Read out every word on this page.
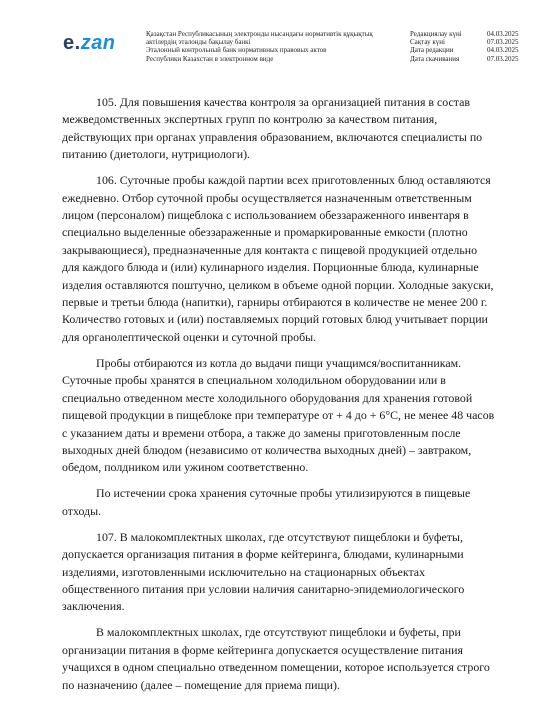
e.zan	Қазақстан Республикасының электронды нысандағы нормативтік құқықтық
актілердің эталонды бақылау банкі
Эталонный контрольный банк нормативных правовых актов
Республики Казахстан в электронном виде
Редакциялау күні	04.03.2025
Сақтау күні	07.03.2025
Дата редакции	04.03.2025
Дата скачивания	07.03.2025

105. Для повышения качества контроля за организацией питания в состав межведомственных экспертных групп по контролю за качеством питания, действующих при органах управления образованием, включаются специалисты по питанию (диетологи, нутрициологи).

106. Суточные пробы каждой партии всех приготовленных блюд оставляются ежедневно. Отбор суточной пробы осуществляется назначенным ответственным лицом (персоналом) пищеблока с использованием обеззараженного инвентаря в специально выделенные обеззараженные и промаркированные емкости (плотно закрывающиеся), предназначенные для контакта с пищевой продукцией отдельно для каждого блюда и (или) кулинарного изделия. Порционные блюда, кулинарные изделия оставляются поштучно, целиком в объеме одной порции. Холодные закуски, первые и третьи блюда (напитки), гарниры отбираются в количестве не менее 200 г. Количество готовых и (или) поставляемых порций готовых блюд учитывает порции для органолептической оценки и суточной пробы.

Пробы отбираются из котла до выдачи пищи учащимся/воспитанникам. Суточные пробы хранятся в специальном холодильном оборудовании или в специально отведенном месте холодильного оборудования для хранения готовой пищевой продукции в пищеблоке при температуре от + 4 до + 6°С, не менее 48 часов с указанием даты и времени отбора, а также до замены приготовленным после выходных дней блюдом (независимо от количества выходных дней) – завтраком, обедом, полдником или ужином соответственно.

По истечении срока хранения суточные пробы утилизируются в пищевые отходы.

107. В малокомплектных школах, где отсутствуют пищеблоки и буфеты, допускается организация питания в форме кейтеринга, блюдами, кулинарными изделиями, изготовленными исключительно на стационарных объектах общественного питания при условии наличия санитарно-эпидемиологического заключения.

В малокомплектных школах, где отсутствуют пищеблоки и буфеты, при организации питания в форме кейтеринга допускается осуществление питания учащихся в одном специально отведенном помещении, которое используется строго по назначению (далее – помещение для приема пищи).
